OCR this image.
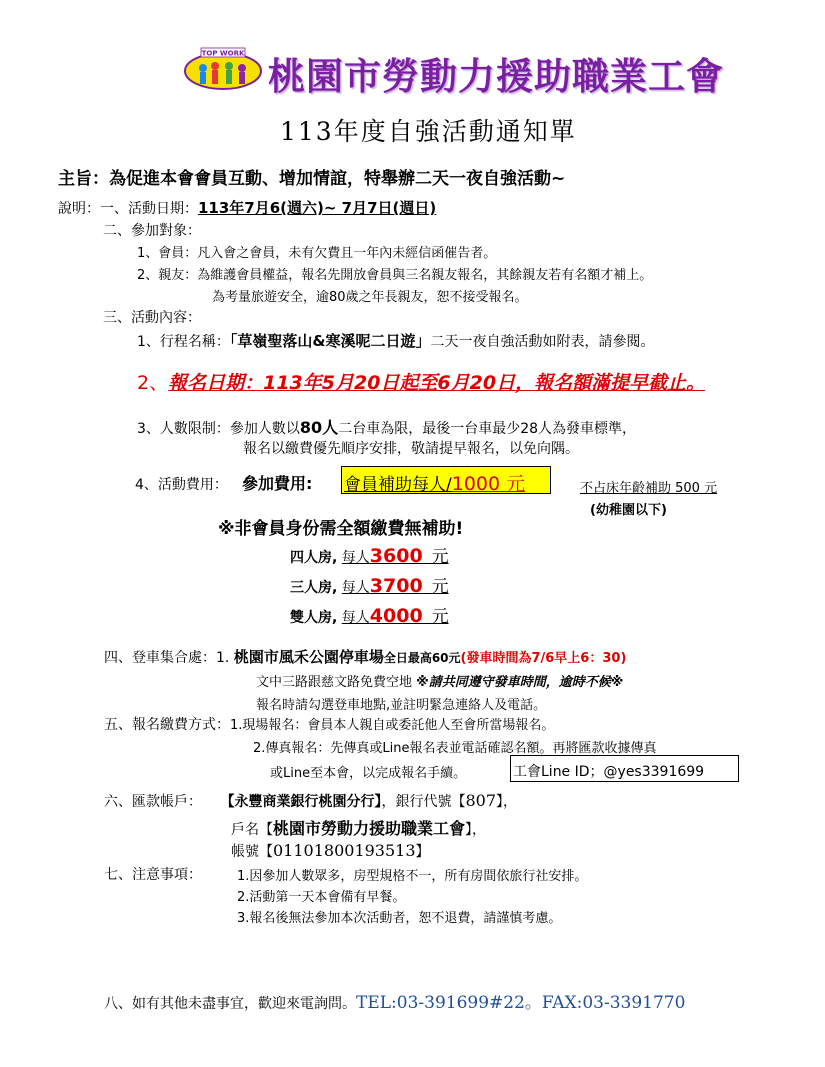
TOP WORK
桃園市勞動力援助職業工會
113年度自強活動通知單
主旨：為促進本會會員互動、增加情誼，特舉辦二天一夜自強活動~
說明：一、活動日期：113年7月6(週六)~ 7月7日(週日)
二、參加對象：
1、會員：凡入會之會員，未有欠費且一年內未經信函催告者。
2、親友：為維護會員權益，報名先開放會員與三名親友報名，其餘親友若有名額才補上。
為考量旅遊安全，逾80歲之年長親友，恕不接受報名。
三、活動內容：
1、行程名稱：「草嶺聖落山&寒溪呢二日遊」二天一夜自強活動如附表，請參閱。
2、報名日期：113年5月20日起至6月20日，報名額滿提早截止。
3、人數限制：參加人數以80人二台車為限，最後一台車最少28人為發車標準，
報名以繳費優先順序安排，敬請提早報名，以免向隅。
4、活動費用： 參加費用: 會員補助每人/1000 元	不占床年齡補助 500 元
(幼稚園以下)
※非會員身份需全額繳費無補助!
四人房, 每人3600 元
三人房, 每人3700 元
雙人房, 每人4000 元
四、登車集合處：1. 桃園市風禾公園停車場全日最高60元(發車時間為7/6早上6：30)
文中三路跟慈文路免費空地 ※請共同遵守發車時間，逾時不候※
報名時請勾選登車地點,並註明緊急連絡人及電話。
五、報名繳費方式：1.現場報名：會員本人親自或委託他人至會所當場報名。
2.傳真報名：先傳真或Line報名表並電話確認名額。再將匯款收據傳真
或Line至本會，以完成報名手續。	工會Line ID；@yes3391699
六、匯款帳戶： 【永豐商業銀行桃園分行】，銀行代號【807】，
戶名【桃園市勞動力援助職業工會】，
帳號【01101800193513】
七、注意事項：	1.因參加人數眾多，房型規格不一，所有房間依旅行社安排。
2.活動第一天本會備有早餐。
3.報名後無法參加本次活動者，恕不退費，請謹慎考慮。
八、如有其他未盡事宜，歡迎來電詢問。TEL:03-391699#22。FAX:03-3391770
